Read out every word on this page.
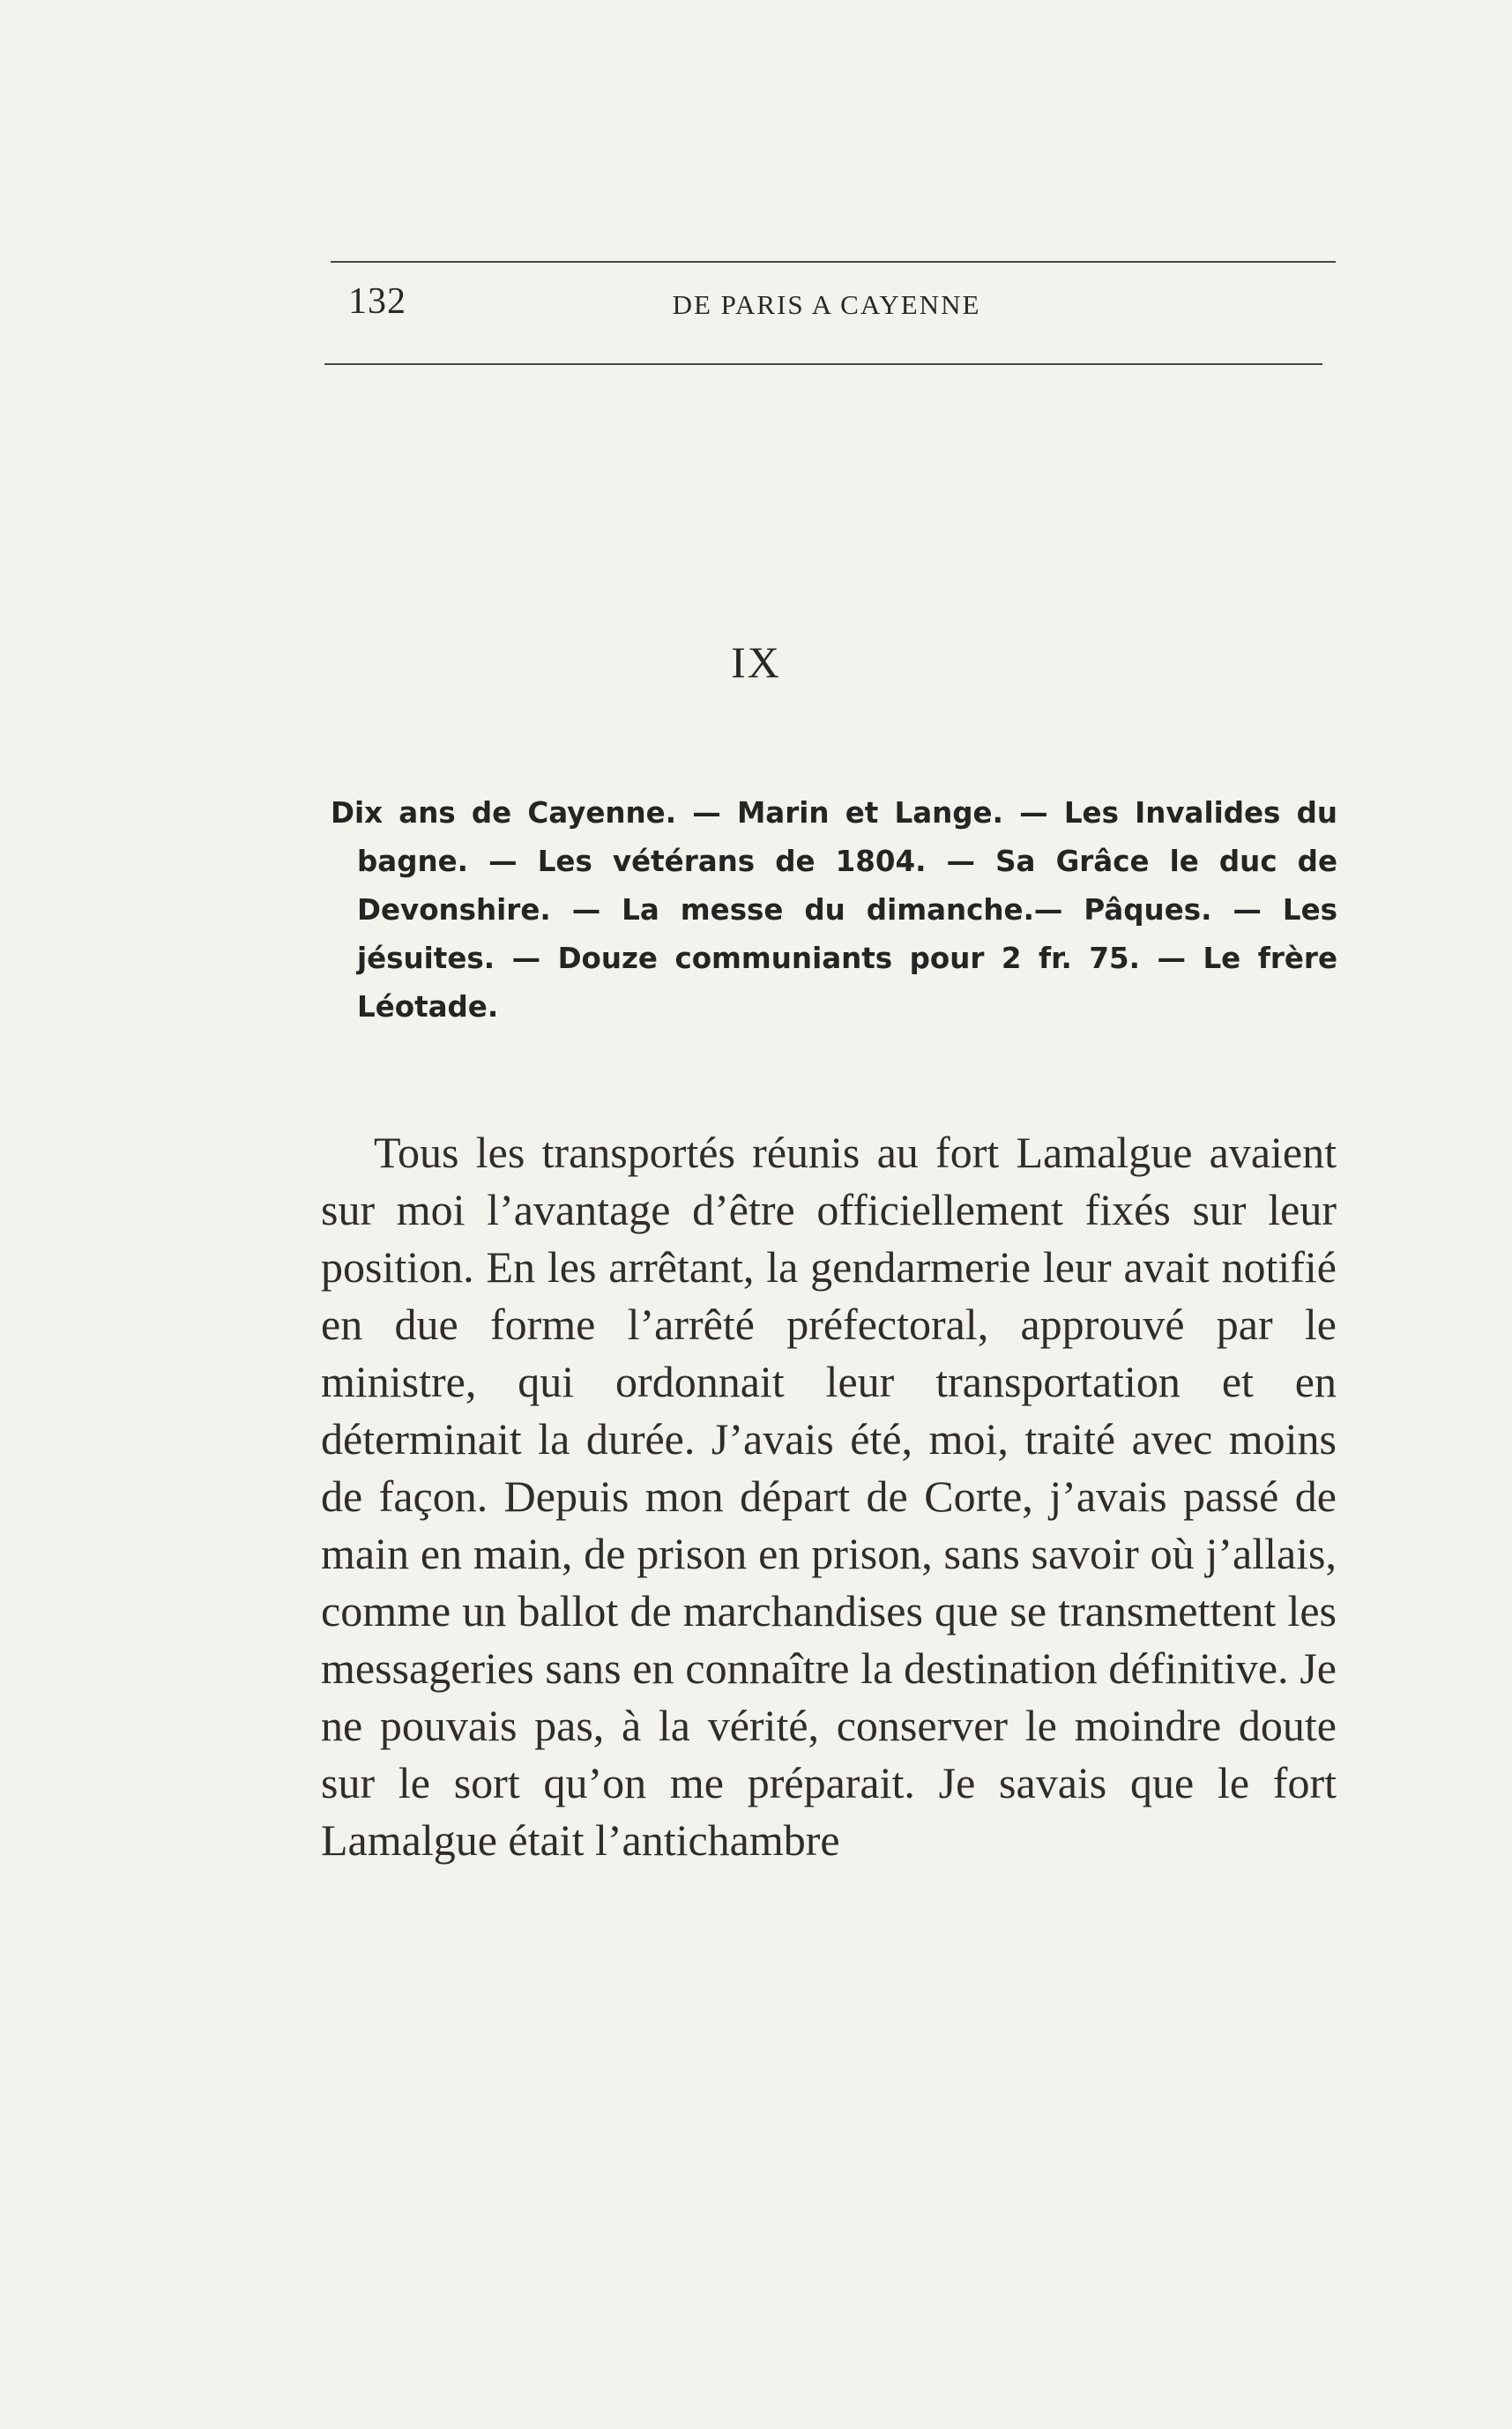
132	DE PARIS A CAYENNE
IX
Dix ans de Cayenne. — Marin et Lange. — Les Invalides du bagne. — Les vétérans de 1804. — Sa Grâce le duc de Devonshire. — La messe du dimanche.— Pâques. — Les jésuites. — Douze communiants pour 2 fr. 75. — Le frère Léotade.

Tous les transportés réunis au fort Lamalgue avaient sur moi l’avantage d’être officiellement fixés sur leur position. En les arrêtant, la gendarmerie leur avait notifié en due forme l’arrêté préfectoral, approuvé par le ministre, qui ordonnait leur transportation et en déterminait la durée. J’avais été, moi, traité avec moins de façon. Depuis mon départ de Corte, j’avais passé de main en main, de prison en prison, sans savoir où j’allais, comme un ballot de marchandises que se transmettent les messageries sans en connaître la destination définitive. Je ne pouvais pas, à la vérité, conserver le moindre doute sur le sort qu’on me préparait. Je savais que le fort Lamalgue était l’antichambre
